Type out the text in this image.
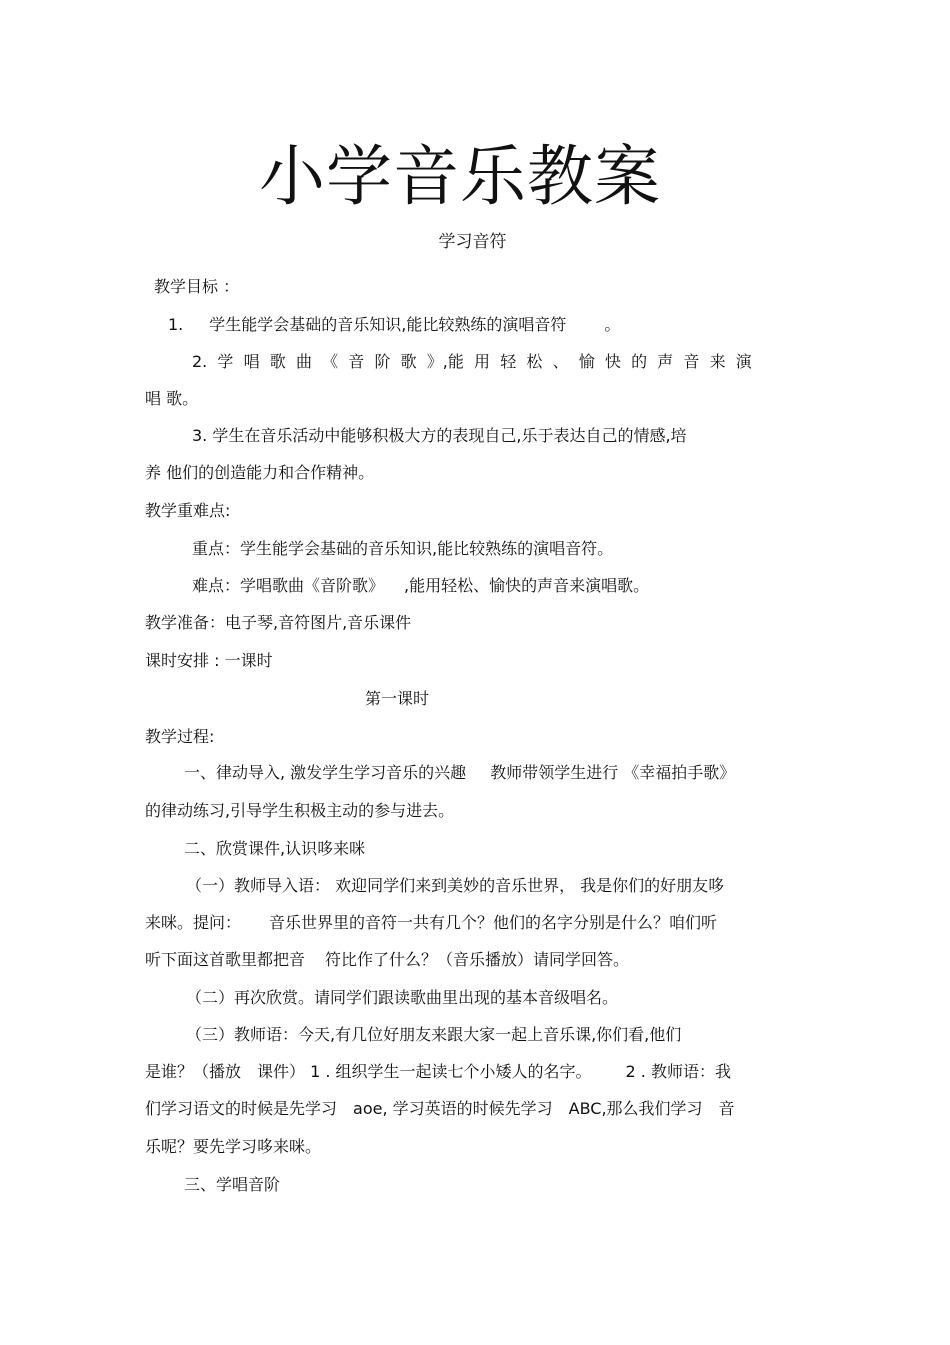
小学音乐教案
学习音符
教学目标 ：
1. 学生能学会基础的音乐知识,能比较熟练的演唱音符 。
2. 学 唱 歌 曲 《 音 阶 歌 》,能 用 轻 松 、 愉 快 的 声 音 来 演
唱 歌。
3. 学生在音乐活动中能够积极大方的表现自己,乐于表达自己的情感,培
养 他们的创造能力和合作精神。
教学重难点:
重点：学生能学会基础的音乐知识,能比较熟练的演唱音符。
难点：学唱歌曲《音阶歌》 ,能用轻松、愉快的声音来演唱歌。
教学准备：电子琴,音符图片,音乐课件
课时安排 : 一课时
第一课时
教学过程:
一、律动导入, 激发学生学习音乐的兴趣 教师带领学生进行 《幸福拍手歌》
的律动练习,引导学生积极主动的参与进去。
二、欣赏课件,认识哆来咪
（一）教师导入语： 欢迎同学们来到美妙的音乐世界， 我是你们的好朋友哆
来咪。提问： 音乐世界里的音符一共有几个？他们的名字分别是什么？咱们听
听下面这首歌里都把音 符比作了什么？（音乐播放）请同学回答。
（二）再次欣赏。请同学们跟读歌曲里出现的基本音级唱名。
（三）教师语：今天,有几位好朋友来跟大家一起上音乐课,你们看,他们
是谁？（播放　课件） 1 . 组织学生一起读七个小矮人的名字。 2 . 教师语：我
们学习语文的时候是先学习 aoe, 学习英语的时候先学习 ABC,那么我们学习 音
乐呢？要先学习哆来咪。
三、学唱音阶
